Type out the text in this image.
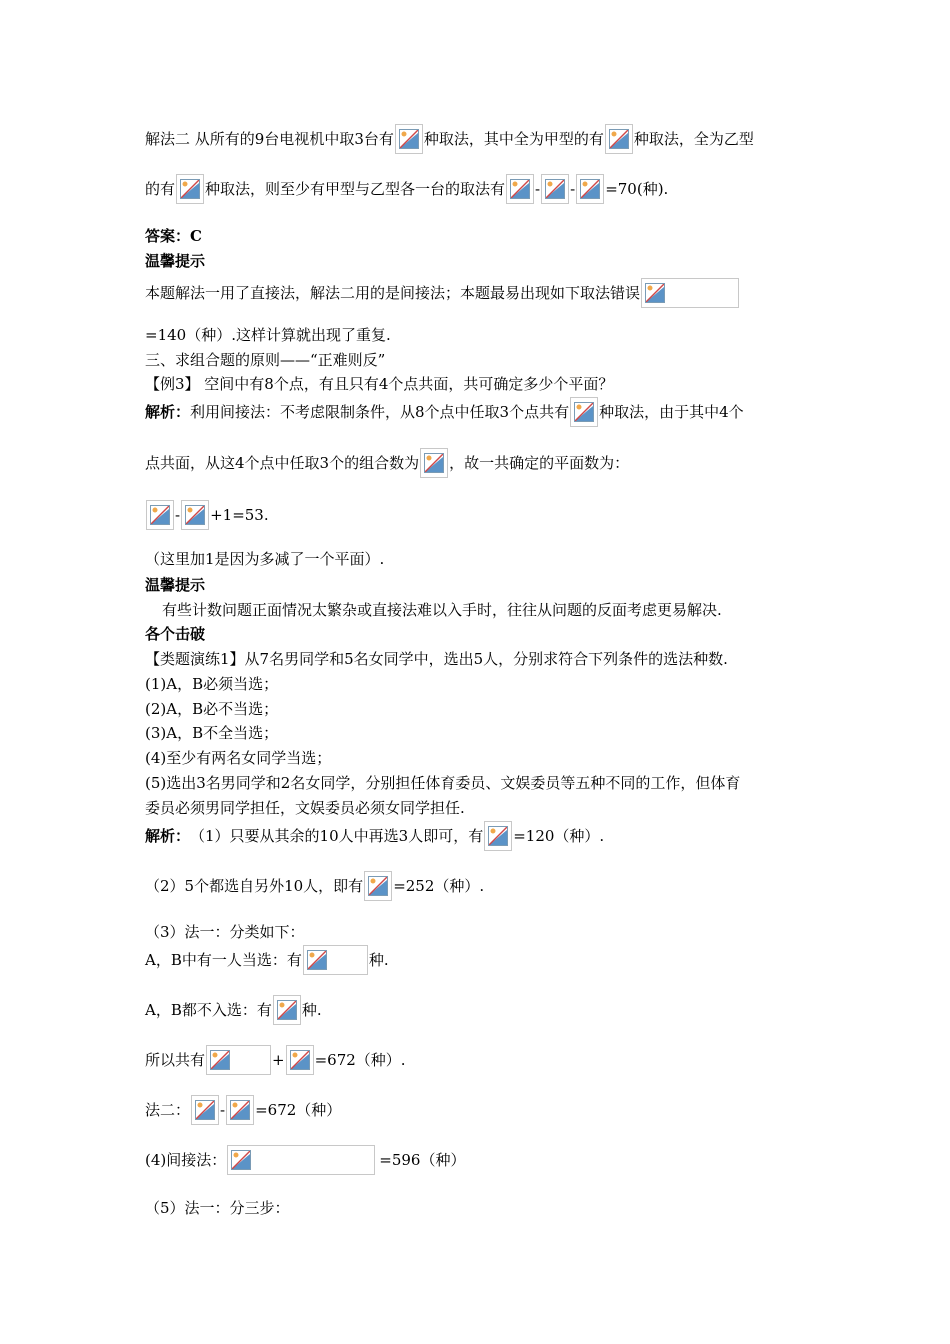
解法二 从所有的9台电视机中取3台有 种取法，其中全为甲型的有 种取法，全为乙型
的有 种取法，则至少有甲型与乙型各一台的取法有 - - =70(种).
答案：C
温馨提示
本题解法一用了直接法，解法二用的是间接法；本题最易出现如下取法错误
=140（种）.这样计算就出现了重复.
三、求组合题的原则——“正难则反”
【例3】 空间中有8个点，有且只有4个点共面，共可确定多少个平面？
解析： 利用间接法：不考虑限制条件，从8个点中任取3个点共有 种取法，由于其中4个
点共面，从这4个点中任取3个的组合数为 ，故一共确定的平面数为：
- +1=53.
（这里加1是因为多减了一个平面）.
温馨提示
有些计数问题正面情况太繁杂或直接法难以入手时，往往从问题的反面考虑更易解决.
各个击破
【类题演练1】从7名男同学和5名女同学中，选出5人，分别求符合下列条件的选法种数.
(1)A，B必须当选；
(2)A，B必不当选；
(3)A，B不全当选；
(4)至少有两名女同学当选；
(5)选出3名男同学和2名女同学，分别担任体育委员、文娱委员等五种不同的工作，但体育
委员必须男同学担任，文娱委员必须女同学担任.
解析： （1）只要从其余的10人中再选3人即可，有 =120（种）.
（2）5个都选自另外10人，即有 =252（种）.
（3）法一：分类如下：
A，B中有一人当选：有	种.
A，B都不入选：有 种.
所以共有	+ =672（种）.
法二： - =672（种）
(4)间接法：	=596（种）
（5）法一：分三步：
